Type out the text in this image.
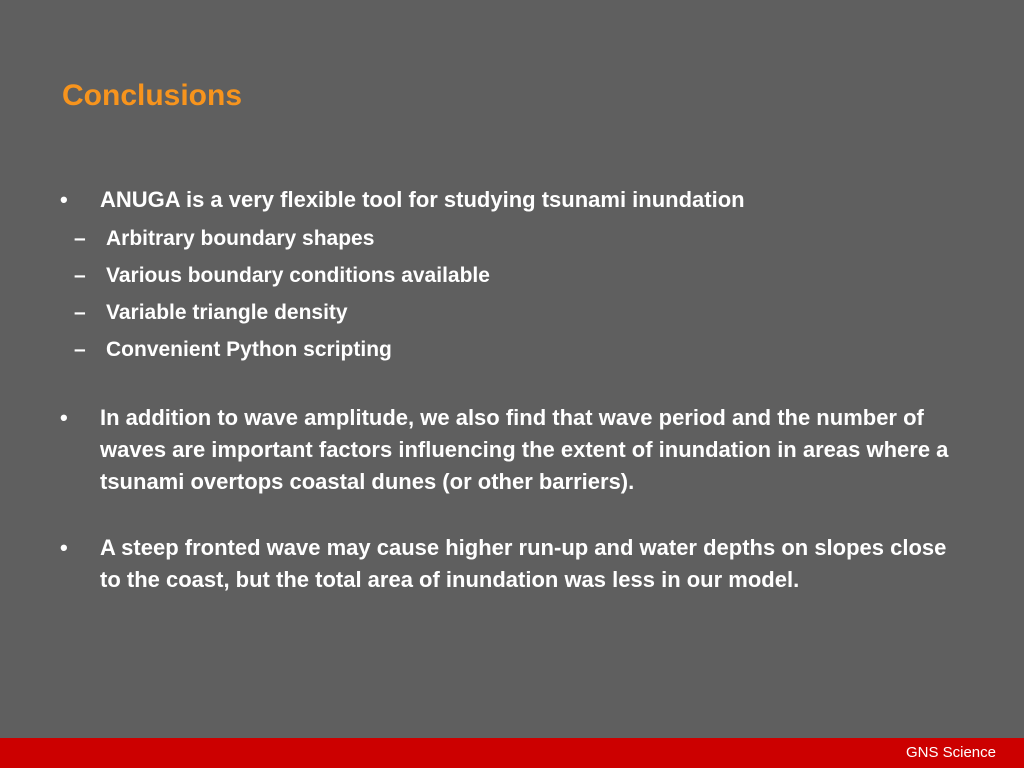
Conclusions
•	ANUGA is a very flexible tool for studying tsunami inundation
– Arbitrary boundary shapes
– Various boundary conditions available
– Variable triangle density
– Convenient Python scripting
•	In addition to wave amplitude, we also find that wave period and the number of waves are important factors influencing the extent of inundation in areas where a tsunami overtops coastal dunes (or other barriers).
•	A steep fronted wave may cause higher run-up and water depths on slopes close to the coast, but the total area of inundation was less in our model.
GNS Science
